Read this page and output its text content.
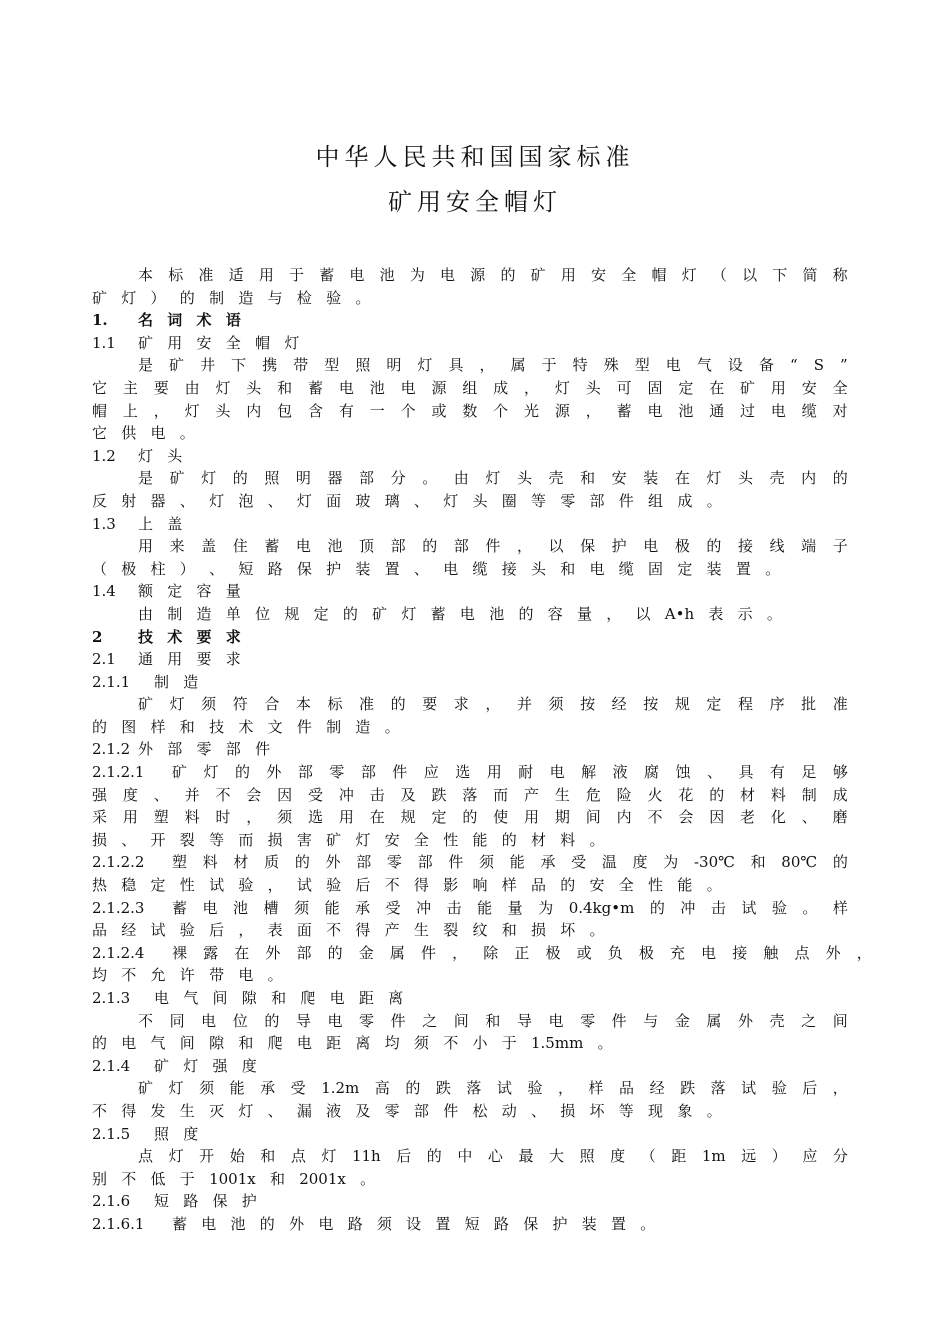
中华人民共和国国家标准
矿用安全帽灯
本 标 准 适 用 于 蓄 电 池 为 电 源 的 矿 用 安 全 帽 灯 （ 以 下 简 称
矿 灯 ） 的 制 造 与 检 验 。
1.	名 词 术 语
1.1	矿 用 安 全 帽 灯
是 矿 井 下 携 带 型 照 明 灯 具 ， 属 于 特 殊 型 电 气 设 备 “ S ”
它 主 要 由 灯 头 和 蓄 电 池 电 源 组 成 ， 灯 头 可 固 定 在 矿 用 安 全
帽 上 ， 灯 头 内 包 含 有 一 个 或 数 个 光 源 ， 蓄 电 池 通 过 电 缆 对
它 供 电 。
1.2	灯 头
是 矿 灯 的 照 明 器 部 分 。 由 灯 头 壳 和 安 装 在 灯 头 壳 内 的
反 射 器 、 灯 泡 、 灯 面 玻 璃 、 灯 头 圈 等 零 部 件 组 成 。
1.3	上 盖
用 来 盖 住 蓄 电 池 顶 部 的 部 件 ， 以 保 护 电 极 的 接 线 端 子
（ 极 柱 ） 、 短 路 保 护 装 置 、 电 缆 接 头 和 电 缆 固 定 装 置 。
1.4	额 定 容 量
由 制 造 单 位 规 定 的 矿 灯 蓄 电 池 的 容 量 ， 以 A•h 表 示 。
2	技 术 要 求
2.1	通 用 要 求
2.1.1	制 造
矿 灯 须 符 合 本 标 准 的 要 求 ， 并 须 按 经 按 规 定 程 序 批 准
的 图 样 和 技 术 文 件 制 造 。
2.1.2 外 部 零 部 件
2.1.2.1	矿 灯 的 外 部 零 部 件 应 选 用 耐 电 解 液 腐 蚀 、 具 有 足 够
强 度 、 并 不 会 因 受 冲 击 及 跌 落 而 产 生 危 险 火 花 的 材 料 制 成
采 用 塑 料 时 ， 须 选 用 在 规 定 的 使 用 期 间 内 不 会 因 老 化 、 磨
损 、 开 裂 等 而 损 害 矿 灯 安 全 性 能 的 材 料 。
2.1.2.2	塑 料 材 质 的 外 部 零 部 件 须 能 承 受 温 度 为 -30℃ 和 80℃ 的
热 稳 定 性 试 验 ， 试 验 后 不 得 影 响 样 品 的 安 全 性 能 。
2.1.2.3	蓄 电 池 槽 须 能 承 受 冲 击 能 量 为 0.4kg•m 的 冲 击 试 验 。 样
品 经 试 验 后 ， 表 面 不 得 产 生 裂 纹 和 损 坏 。
2.1.2.4	裸 露 在 外 部 的 金 属 件 ， 除 正 极 或 负 极 充 电 接 触 点 外 ，
均 不 允 许 带 电 。
2.1.3	电 气 间 隙 和 爬 电 距 离
不 同 电 位 的 导 电 零 件 之 间 和 导 电 零 件 与 金 属 外 壳 之 间
的 电 气 间 隙 和 爬 电 距 离 均 须 不 小 于 1.5mm 。
2.1.4	矿 灯 强 度
矿 灯 须 能 承 受 1.2m 高 的 跌 落 试 验 ， 样 品 经 跌 落 试 验 后 ，
不 得 发 生 灭 灯 、 漏 液 及 零 部 件 松 动 、 损 坏 等 现 象 。
2.1.5	照 度
点 灯 开 始 和 点 灯 11h 后 的 中 心 最 大 照 度 （ 距 1m 远 ） 应 分
别 不 低 于 1001x 和 2001x 。
2.1.6	短 路 保 护
2.1.6.1	蓄 电 池 的 外 电 路 须 设 置 短 路 保 护 装 置 。
